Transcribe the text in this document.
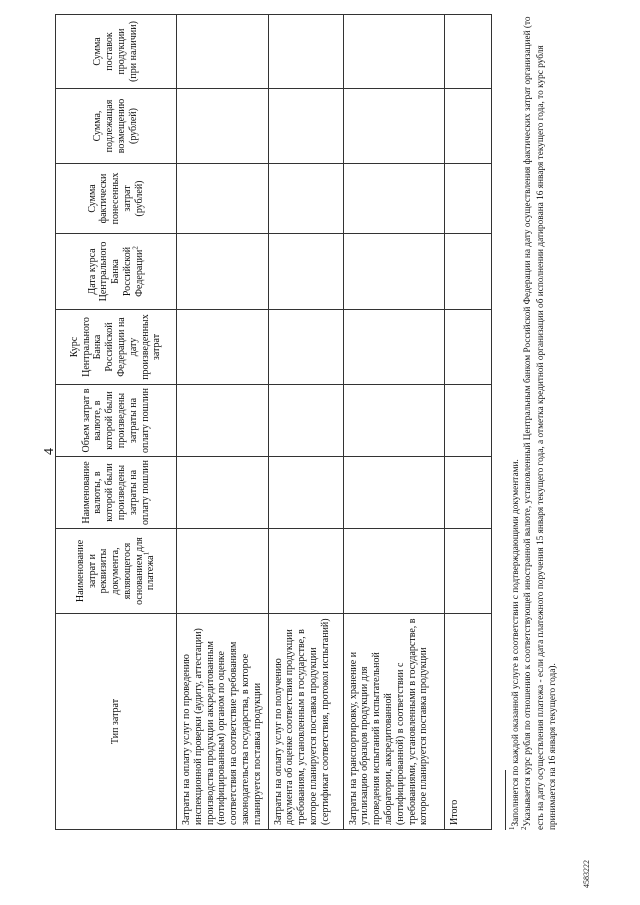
4
Тип затрат	Наименование затрат и реквизиты документа, являющегося основанием для платежа$^1$	Наименование валюты, в которой были произведены затраты на оплату пошлин	Объем затрат в валюте, в которой были произведены затраты на оплату пошлин	Курс Центрального Банка Российской Федерации на дату произведенных затрат	Дата курса Центрального Банка Российской Федерации$^2$	Сумма фактически понесенных затрат (рублей)	Сумма, подлежащая возмещению (рублей)	Сумма поставок продукции (при наличии)
Затраты на оплату услуг по проведению инспекционной проверки (аудиту, аттестации) производства продукции аккредитованным (нотифицированным) органом по оценке соответствия на соответствие требованиям законодательства государства, в которое планируется поставка продукции								
Затраты на оплату услуг по получению документа об оценке соответствия продукции требованиям, установленным в государстве, в которое планируется поставка продукции (сертификат соответствия, протокол испытаний)								
Затраты на транспортировку, хранение и утилизацию образцов продукции для проведения испытаний в испытательной лаборатории, аккредитованной (нотифицированной) в соответствии с требованиями, установленными в государстве, в которое планируется поставка продукции								
Итого								

$^1$Заполняется по каждой оказанной услуге в соответствии с подтверждающими документами.

$^2$Указывается курс рубля по отношению к соответствующей иностранной валюте, установленный Центральным банком Российской Федерации на дату осуществления фактических затрат организацией (то есть на дату осуществления платежа - если дата платежного поручения 15 января текущего года, а отметка кредитной организации об исполнении датирована 16 января текущего года, то курс рубля принимается на 16 января текущего года).

4583222
